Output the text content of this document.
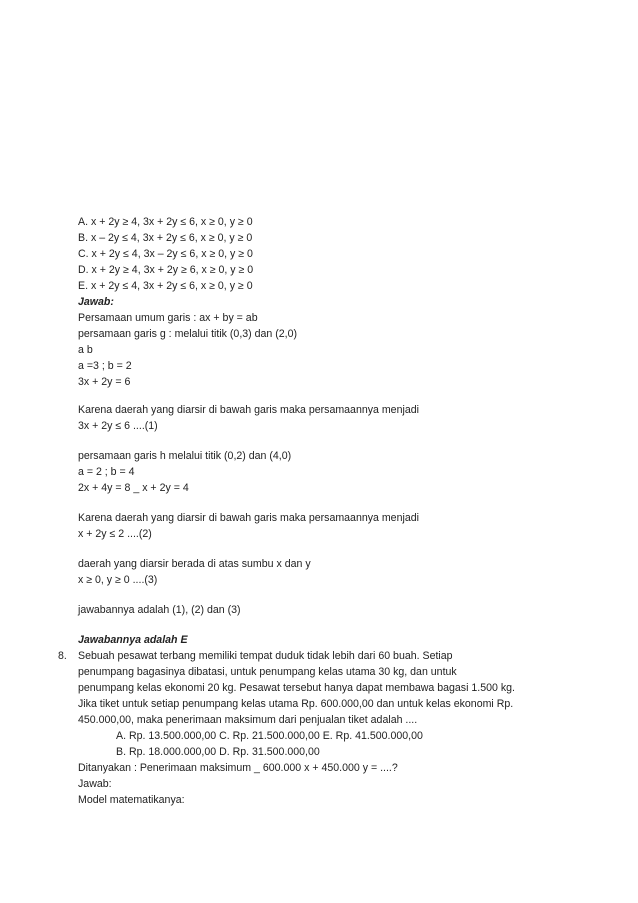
A. x + 2y ≥ 4, 3x + 2y ≤ 6, x ≥ 0, y ≥ 0
B. x – 2y ≤ 4, 3x + 2y ≤ 6, x ≥ 0, y ≥ 0
C. x + 2y ≤ 4, 3x – 2y ≤ 6, x ≥ 0, y ≥ 0
D. x + 2y ≥ 4, 3x + 2y ≥ 6, x ≥ 0, y ≥ 0
E. x + 2y ≤ 4, 3x + 2y ≤ 6, x ≥ 0, y ≥ 0
Jawab:
Persamaan umum garis : ax + by = ab
persamaan garis g : melalui titik (0,3) dan (2,0)
a b
a =3 ; b = 2
3x + 2y = 6
Karena daerah yang diarsir di bawah garis maka persamaannya menjadi
3x + 2y ≤ 6 ....(1)
persamaan garis h melalui titik (0,2) dan (4,0)
a = 2 ; b = 4
2x + 4y = 8 _ x + 2y = 4
Karena daerah yang diarsir di bawah garis maka persamaannya menjadi
x + 2y ≤ 2 ....(2)
daerah yang diarsir berada di atas sumbu x dan y
x ≥ 0, y ≥ 0 ....(3)
jawabannya adalah (1), (2) dan (3)
Jawabannya adalah E
8. Sebuah pesawat terbang memiliki tempat duduk tidak lebih dari 60 buah. Setiap
penumpang bagasinya dibatasi, untuk penumpang kelas utama 30 kg, dan untuk
penumpang kelas ekonomi 20 kg. Pesawat tersebut hanya dapat membawa bagasi 1.500 kg.
Jika tiket untuk setiap penumpang kelas utama Rp. 600.000,00 dan untuk kelas ekonomi Rp.
450.000,00, maka penerimaan maksimum dari penjualan tiket adalah ....
A. Rp. 13.500.000,00 C. Rp. 21.500.000,00 E. Rp. 41.500.000,00
B. Rp. 18.000.000,00 D. Rp. 31.500.000,00
Ditanyakan : Penerimaan maksimum _ 600.000 x + 450.000 y = ....?
Jawab:
Model matematikanya:
